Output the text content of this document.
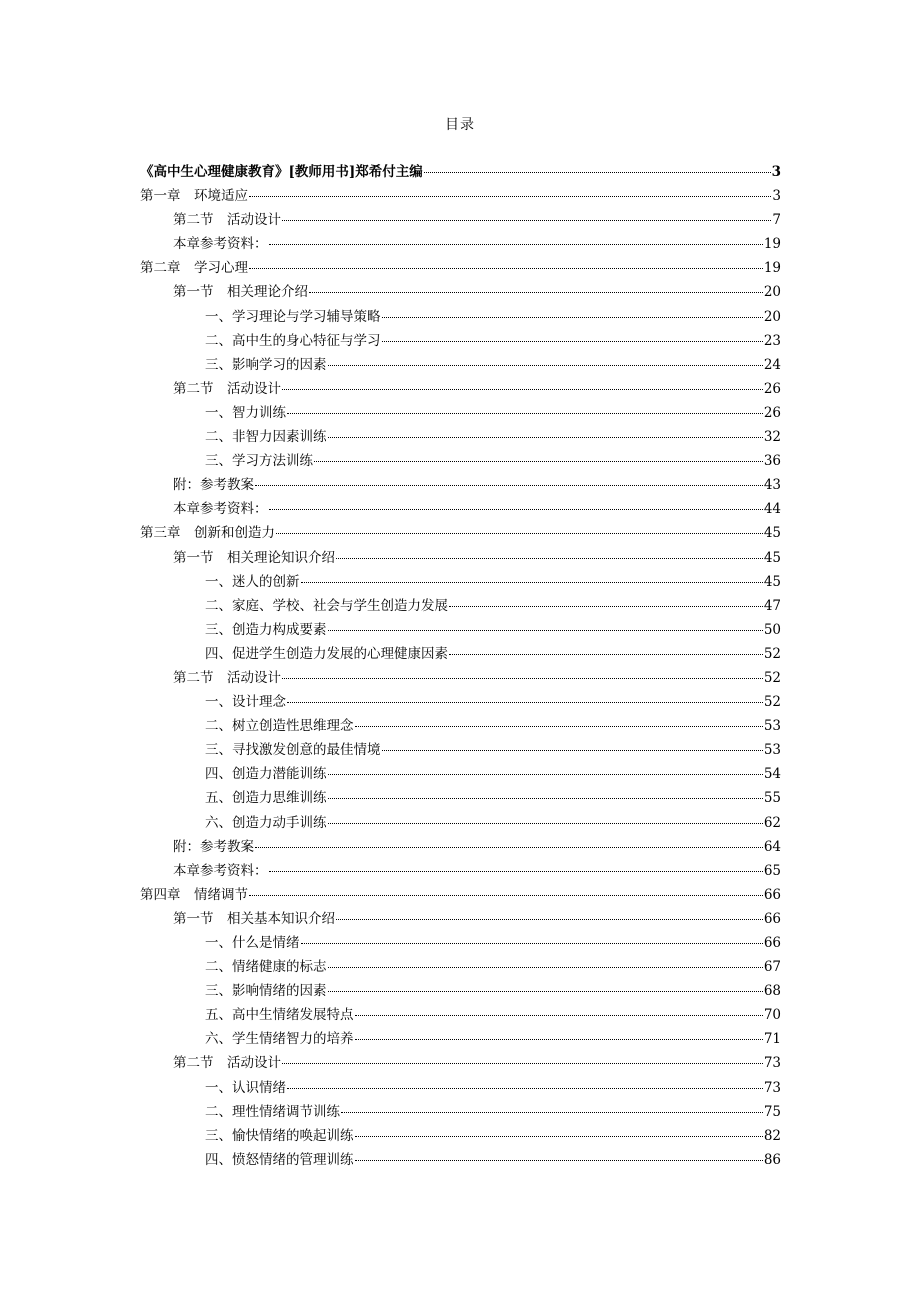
目录
《高中生心理健康教育》[教师用书]郑希付主编	3
第一章　环境适应	3
第二节　活动设计	7
本章参考资料：	19
第二章　学习心理	19
第一节　相关理论介绍	20
一、学习理论与学习辅导策略	20
二、高中生的身心特征与学习	23
三、影响学习的因素	24
第二节　活动设计	26
一、智力训练	26
二、非智力因素训练	32
三、学习方法训练	36
附：参考教案	43
本章参考资料：	44
第三章　创新和创造力	45
第一节　相关理论知识介绍	45
一、迷人的创新	45
二、家庭、学校、社会与学生创造力发展	47
三、创造力构成要素	50
四、促进学生创造力发展的心理健康因素	52
第二节　活动设计	52
一、设计理念	52
二、树立创造性思维理念	53
三、寻找激发创意的最佳情境	53
四、创造力潜能训练	54
五、创造力思维训练	55
六、创造力动手训练	62
附：参考教案	64
本章参考资料：	65
第四章　情绪调节	66
第一节　相关基本知识介绍	66
一、什么是情绪	66
二、情绪健康的标志	67
三、影响情绪的因素	68
五、高中生情绪发展特点	70
六、学生情绪智力的培养	71
第二节　活动设计	73
一、认识情绪	73
二、理性情绪调节训练	75
三、愉快情绪的唤起训练	82
四、愤怒情绪的管理训练	86
